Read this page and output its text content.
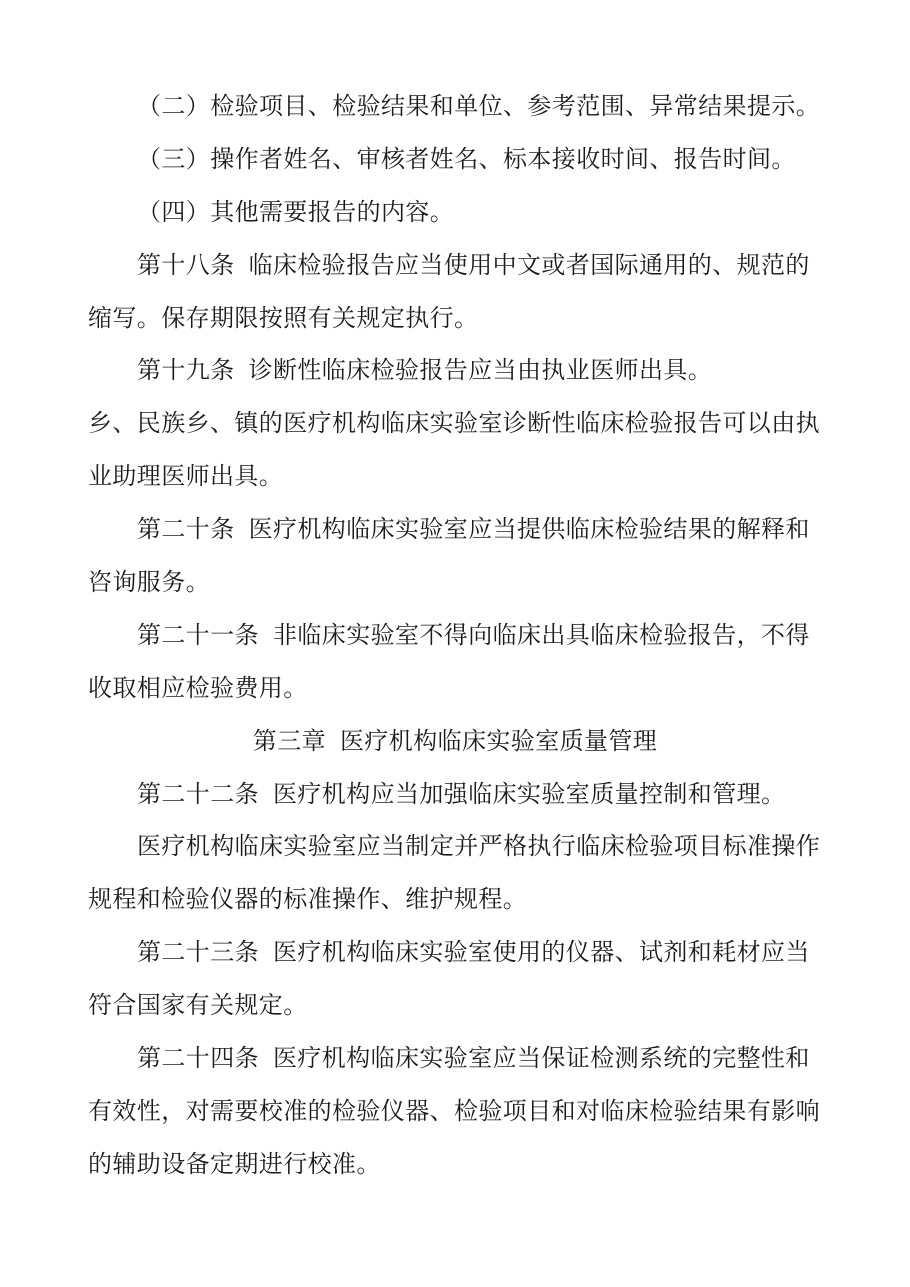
（二）检验项目、检验结果和单位、参考范围、异常结果提示。
（三）操作者姓名、审核者姓名、标本接收时间、报告时间。
（四）其他需要报告的内容。
第十八条 临床检验报告应当使用中文或者国际通用的、规范的
缩写。保存期限按照有关规定执行。
第十九条 诊断性临床检验报告应当由执业医师出具。
乡、民族乡、镇的医疗机构临床实验室诊断性临床检验报告可以由执
业助理医师出具。
第二十条 医疗机构临床实验室应当提供临床检验结果的解释和
咨询服务。
第二十一条 非临床实验室不得向临床出具临床检验报告，不得
收取相应检验费用。
第三章 医疗机构临床实验室质量管理
第二十二条 医疗机构应当加强临床实验室质量控制和管理。
医疗机构临床实验室应当制定并严格执行临床检验项目标准操作
规程和检验仪器的标准操作、维护规程。
第二十三条 医疗机构临床实验室使用的仪器、试剂和耗材应当
符合国家有关规定。
第二十四条 医疗机构临床实验室应当保证检测系统的完整性和
有效性，对需要校准的检验仪器、检验项目和对临床检验结果有影响
的辅助设备定期进行校准。
